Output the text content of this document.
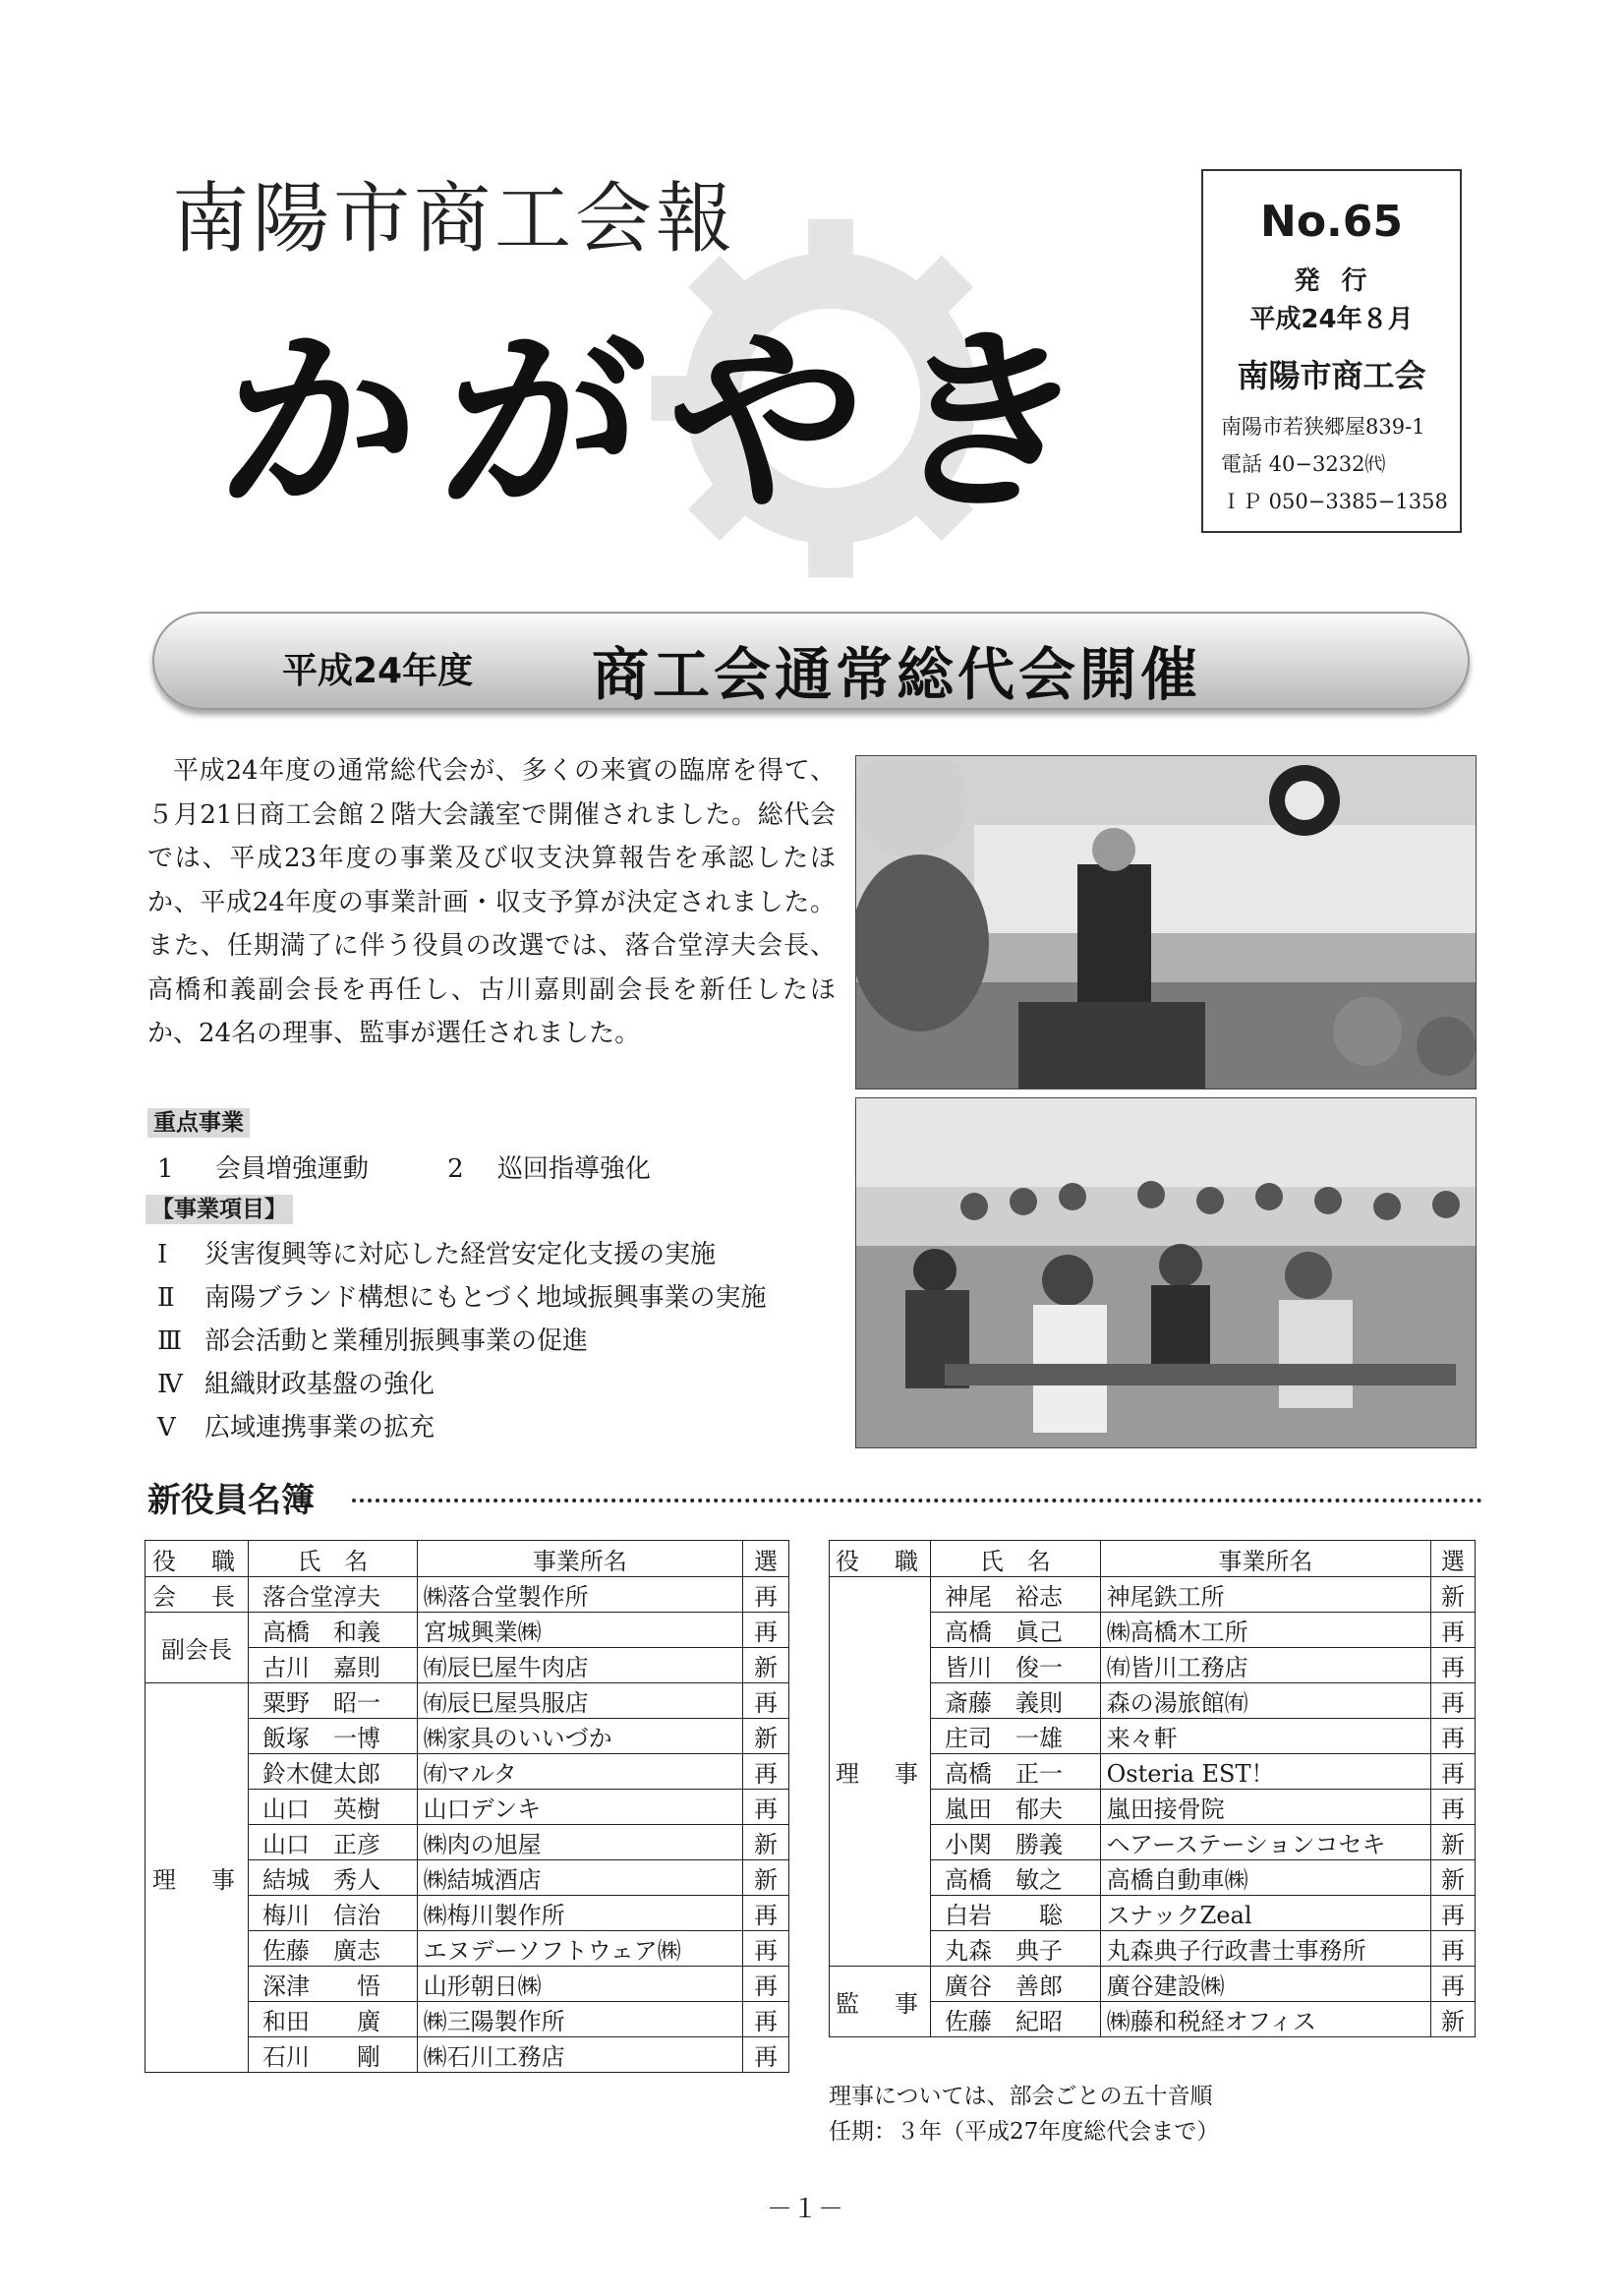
南陽市商工会報
かがやき
No.65
発行
平成24年８月
南陽市商工会
南陽市若狭郷屋839-1
電話 40−3232㈹
ＩＰ 050−3385−1358
平成24年度 商工会通常総代会開催
平成24年度の通常総代会が、多くの来賓の臨席を得て、５月21日商工会館２階大会議室で開催されました。総代会では、平成23年度の事業及び収支決算報告を承認したほか、平成24年度の事業計画・収支予算が決定されました。また、任期満了に伴う役員の改選では、落合堂淳夫会長、高橋和義副会長を再任し、古川嘉則副会長を新任したほか、24名の理事、監事が選任されました。
重点事業
1 会員増強運動	2 巡回指導強化
【事業項目】
Ⅰ 災害復興等に対応した経営安定化支援の実施
Ⅱ 南陽ブランド構想にもとづく地域振興事業の実施
Ⅲ 部会活動と業種別振興事業の促進
Ⅳ 組織財政基盤の強化
Ⅴ 広域連携事業の拡充
新役員名簿
役　職	氏　名	事業所名	選
会　長	落合堂淳夫	㈱落合堂製作所	再
副会長	高橋　和義	宮城興業㈱	再
	古川　嘉則	㈲辰巳屋牛肉店	新
理　事	粟野　昭一	㈲辰巳屋呉服店	再
	飯塚　一博	㈱家具のいいづか	新
	鈴木健太郎	㈲マルタ	再
	山口　英樹	山口デンキ	再
	山口　正彦	㈱肉の旭屋	新
	結城　秀人	㈱結城酒店	新
	梅川　信治	㈱梅川製作所	再
	佐藤　廣志	エヌデーソフトウェア㈱	再
	深津　　悟	山形朝日㈱	再
	和田　　廣	㈱三陽製作所	再
	石川　　剛	㈱石川工務店	再
役　職	氏　名	事業所名	選
理　事	神尾　裕志	神尾鉄工所	新
	高橋　眞己	㈱高橋木工所	再
	皆川　俊一	㈲皆川工務店	再
	斎藤　義則	森の湯旅館㈲	再
	庄司　一雄	来々軒	再
	高橋　正一	Osteria EST！	再
	嵐田　郁夫	嵐田接骨院	再
	小関　勝義	ヘアーステーションコセキ	新
	高橋　敏之	高橋自動車㈱	新
	白岩　　聡	スナックZeal	再
	丸森　典子	丸森典子行政書士事務所	再
監　事	廣谷　善郎	廣谷建設㈱	再
	佐藤　紀昭	㈱藤和税経オフィス	新
理事については、部会ごとの五十音順
任期：３年（平成27年度総代会まで）
－１－
